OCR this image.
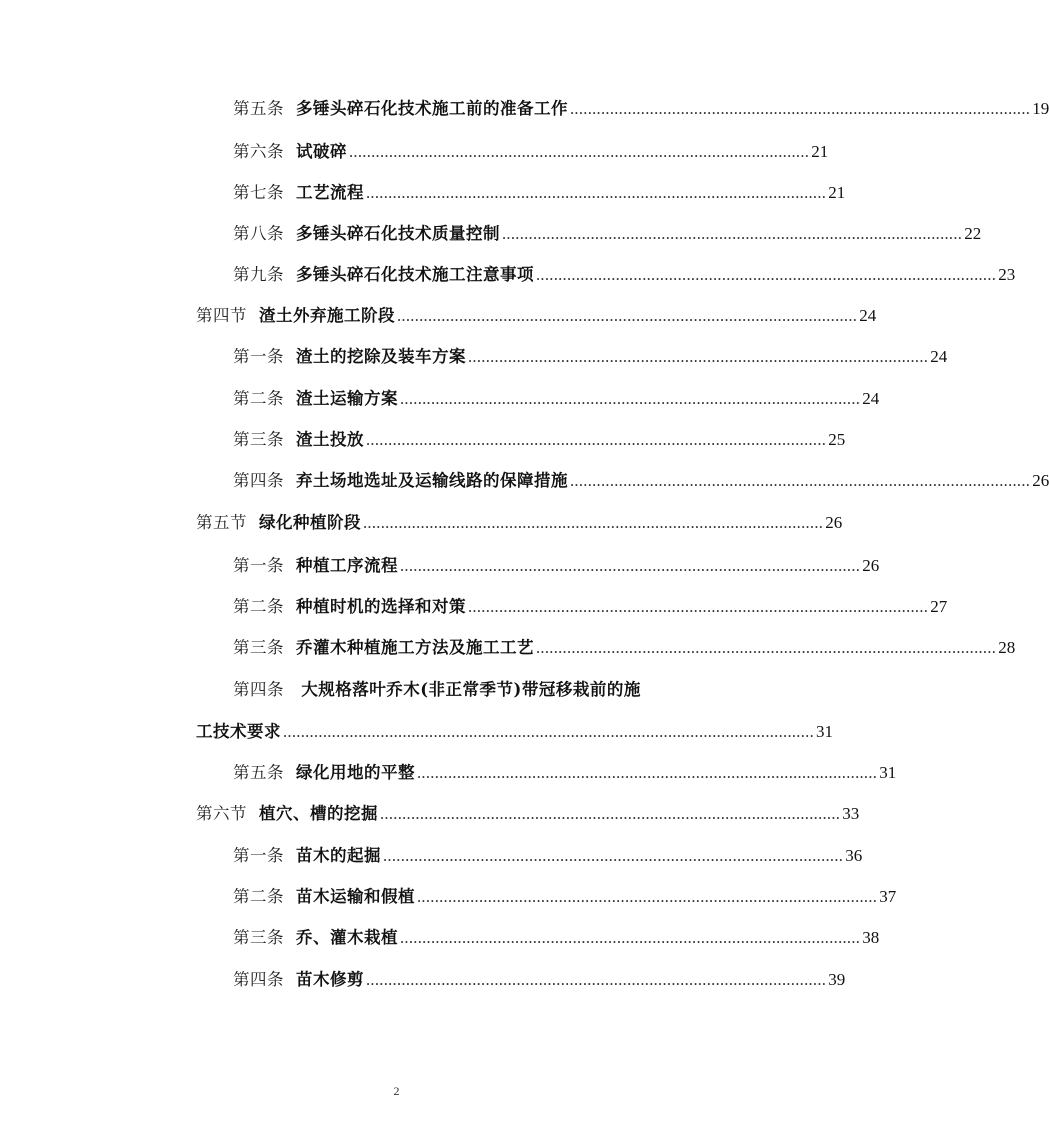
第五条 多锤头碎石化技术施工前的准备工作 ........................................................................................................ 19
第六条 试破碎 ........................................................................................................ 21
第七条 工艺流程 ........................................................................................................ 21
第八条 多锤头碎石化技术质量控制 ........................................................................................................ 22
第九条 多锤头碎石化技术施工注意事项 ........................................................................................................ 23
第四节 渣土外弃施工阶段 ........................................................................................................ 24
第一条 渣土的挖除及装车方案 ........................................................................................................ 24
第二条 渣土运输方案 ........................................................................................................ 24
第三条 渣土投放 ........................................................................................................ 25
第四条 弃土场地选址及运输线路的保障措施 ........................................................................................................ 26
第五节 绿化种植阶段 ........................................................................................................ 26
第一条 种植工序流程 ........................................................................................................ 26
第二条 种植时机的选择和对策 ........................................................................................................ 27
第三条 乔灌木种植施工方法及施工工艺 ........................................................................................................ 28
第四条 大规格落叶乔木(非正常季节)带冠移栽前的施
工技术要求 ........................................................................................................................ 31
第五条 绿化用地的平整 ........................................................................................................ 31
第六节 植穴、槽的挖掘 ........................................................................................................ 33
第一条 苗木的起掘 ........................................................................................................ 36
第二条 苗木运输和假植 ........................................................................................................ 37
第三条 乔、灌木栽植 ........................................................................................................ 38
第四条 苗木修剪 ........................................................................................................ 39
2
